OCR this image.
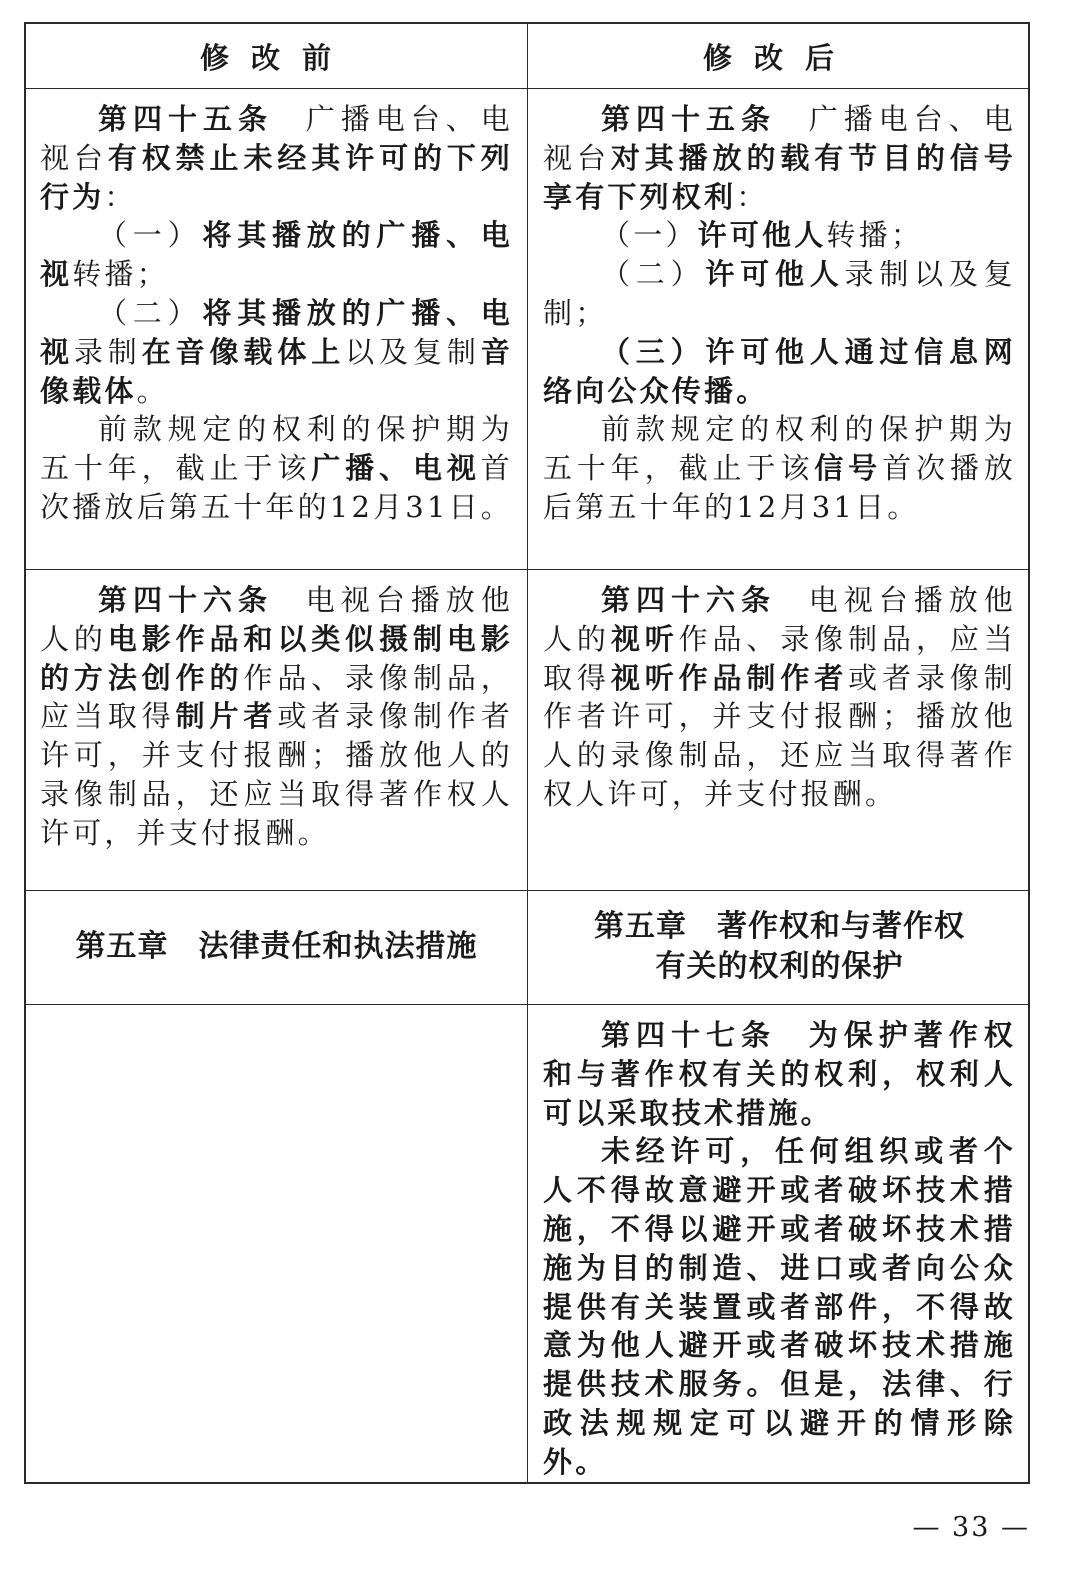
修改前	修改后

第四十五条 广播电台、电视台有权禁止未经其许可的下列行为：

（一）将其播放的广播、电视转播；

（二）将其播放的广播、电视录制在音像载体上以及复制音像载体。

前款规定的权利的保护期为五十年，截止于该广播、电视首次播放后第五十年的12月31日。

第四十五条 广播电台、电视台对其播放的载有节目的信号享有下列权利：

（一）许可他人转播；

（二）许可他人录制以及复制；

（三）许可他人通过信息网络向公众传播。

前款规定的权利的保护期为五十年，截止于该信号首次播放后第五十年的12月31日。

第四十六条 电视台播放他人的电影作品和以类似摄制电影的方法创作的作品、录像制品，应当取得制片者或者录像制作者许可，并支付报酬；播放他人的录像制品，还应当取得著作权人许可，并支付报酬。

第四十六条 电视台播放他人的视听作品、录像制品，应当取得视听作品制作者或者录像制作者许可，并支付报酬；播放他人的录像制品，还应当取得著作权人许可，并支付报酬。

第五章 法律责任和执法措施
第五章 著作权和与著作权
有关的权利的保护

第四十七条 为保护著作权和与著作权有关的权利，权利人可以采取技术措施。

未经许可，任何组织或者个人不得故意避开或者破坏技术措施，不得以避开或者破坏技术措施为目的制造、进口或者向公众提供有关装置或者部件，不得故意为他人避开或者破坏技术措施提供技术服务。但是，法律、行政法规规定可以避开的情形除外。

— 33 —
